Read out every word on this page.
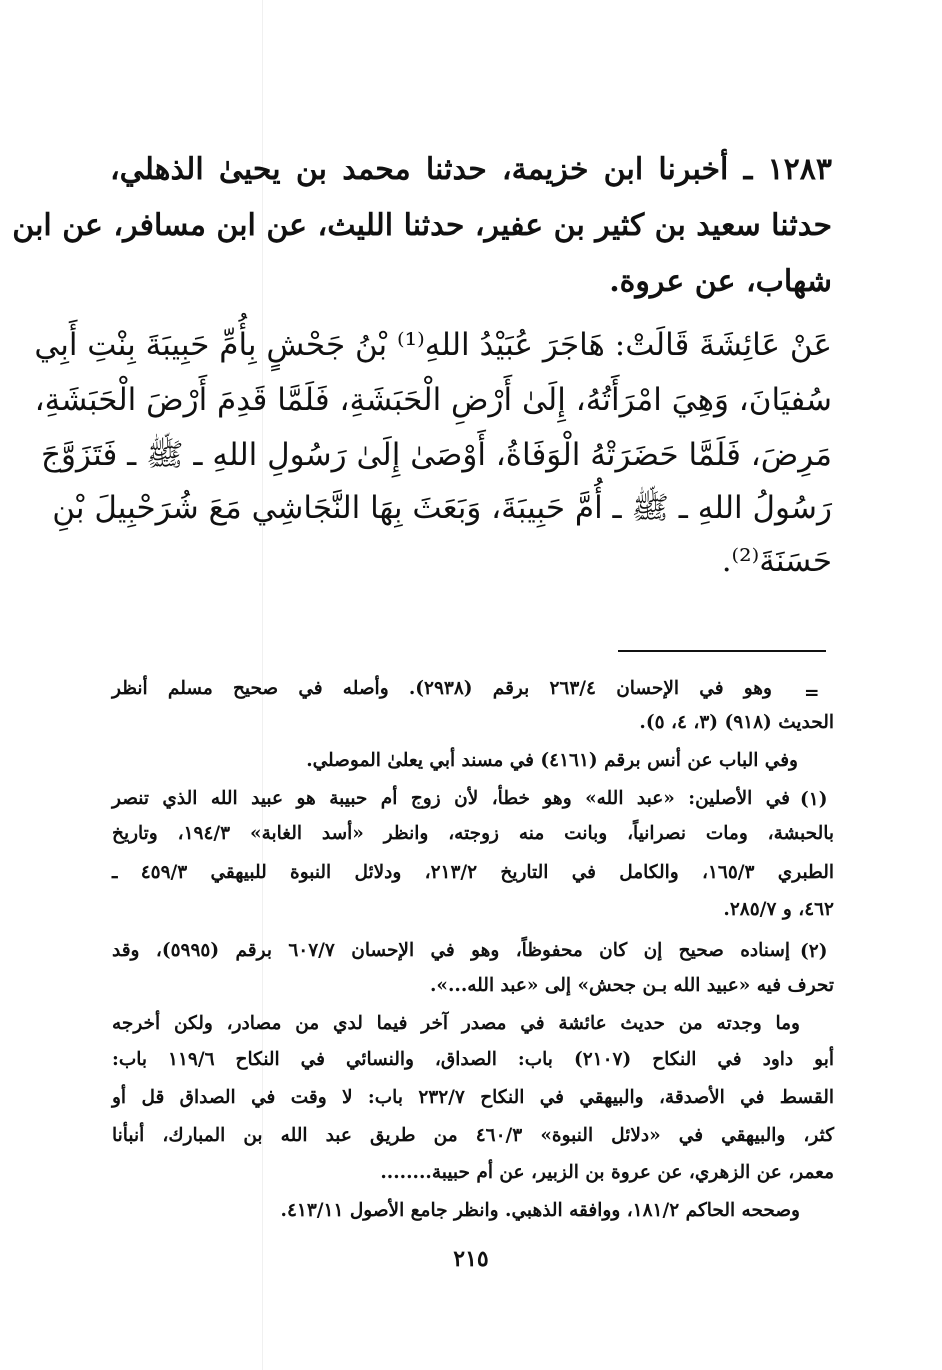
١٢٨٣ ـ أخبرنا ابن خزيمة، حدثنا محمد بن يحيىٰ الذهلي،
حدثنا سعيد بن كثير بن عفير، حدثنا الليث، عن ابن مسافر، عن ابن
شهاب، عن عروة.
عَنْ عَائِشَةَ قَالَتْ: هَاجَرَ عُبَيْدُ اللهِ⁽¹⁾ بْنُ جَحْشٍ بِأُمِّ حَبِيبَةَ بِنْتِ أَبِي
سُفيَانَ، وَهِيَ امْرَأَتُهُ، إِلَىٰ أَرْضِ الْحَبَشَةِ، فَلَمَّا قَدِمَ أَرْضَ الْحَبَشَةِ،
مَرِضَ، فَلَمَّا حَضَرَتْهُ الْوَفَاةُ، أَوْصَىٰ إِلَىٰ رَسُولِ اللهِ ـ ﷺ ـ فَتَزَوَّجَ
رَسُولُ اللهِ ـ ﷺ ـ أُمَّ حَبِيبَةَ، وَبَعَثَ بِهَا النَّجَاشِي مَعَ شُرَحْبِيلَ بْنِ
حَسَنَةَ⁽²⁾.
=
وهو في الإحسان ٢٦٣/٤ برقم (٢٩٣٨). وأصله في صحيح مسلم أنظر
الحديث (٩١٨) (٣، ٤، ٥).
وفي الباب عن أنس برقم (٤١٦١) في مسند أبي يعلىٰ الموصلي.
في الأصلين: «عبد الله» وهو خطأ، لأن زوج أم حبيبة هو عبيد الله الذي تنصر
بالحبشة، ومات نصرانياً، وبانت منه زوجته، وانظر «أسد الغابة» ١٩٤/٣، وتاريخ
الطبري ١٦٥/٣، والكامل في التاريخ ٢١٣/٢، ودلائل النبوة للبيهقي ٤٥٩/٣ ـ
٤٦٢، و ٢٨٥/٧.
إسناده صحيح إن كان محفوظاً، وهو في الإحسان ٦٠٧/٧ برقم (٥٩٩٥)، وقد
تحرف فيه «عبيد الله بـن جحش» إلى «عبد الله...».
وما وجدته من حديث عائشة في مصدر آخر فيما لدي من مصادر، ولكن أخرجه
أبو داود في النكاح (٢١٠٧) باب: الصداق، والنسائي في النكاح ١١٩/٦ باب:
القسط في الأصدقة، والبيهقي في النكاح ٢٣٢/٧ باب: لا وقت في الصداق قل أو
كثر، والبيهقي في «دلائل النبوة» ٤٦٠/٣ من طريق عبد الله بن المبارك، أنبأنا
معمر، عن الزهري، عن عروة بن الزبير، عن أم حبيبة........
وصححه الحاكم ١٨١/٢، ووافقه الذهبي. وانظر جامع الأصول ٤١٣/١١.
(١)
(٢)
٢١٥
